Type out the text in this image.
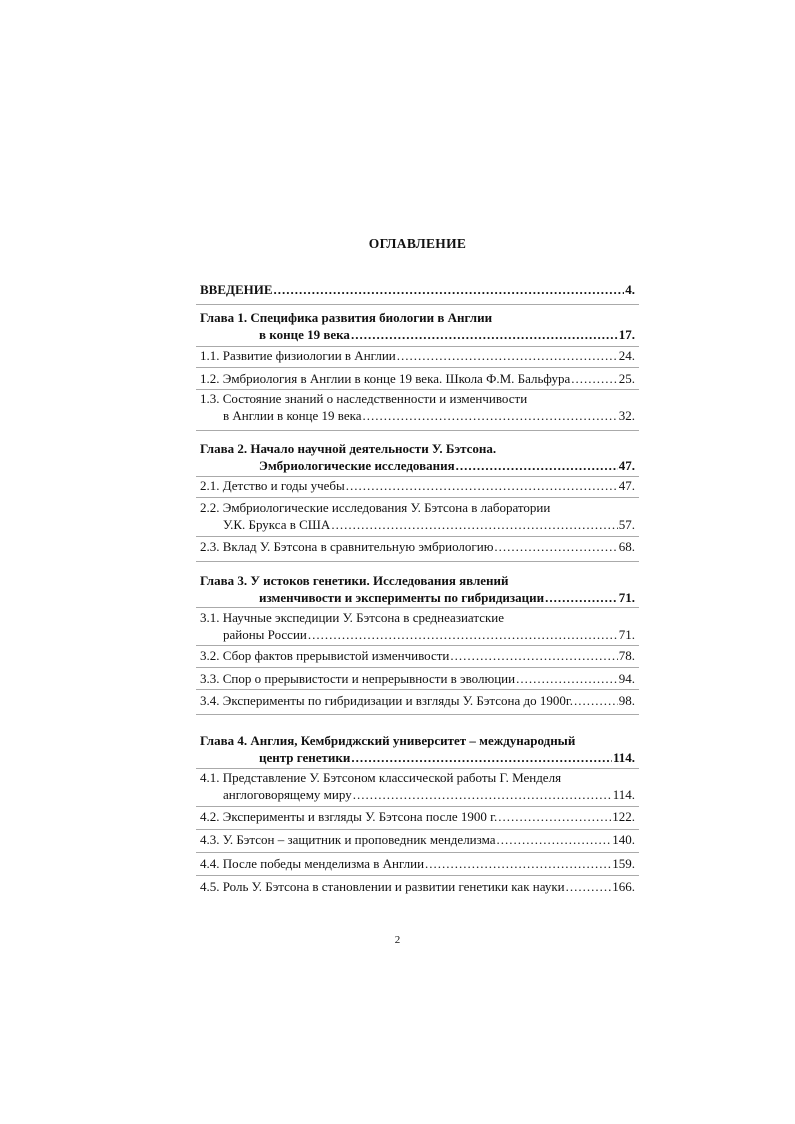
ОГЛАВЛЕНИЕ
ВВЕДЕНИЕ .....	4.
Глава 1. Специфика развития биологии в Англии
в конце 19 века .....	17.
1.1. Развитие физиологии в Англии .....	24.
1.2. Эмбриология в Англии в конце 19 века. Школа Ф.М. Бальфура .....	25.
1.3. Состояние знаний о наследственности и изменчивости
в Англии в конце 19 века .....	32.
Глава 2. Начало научной деятельности У. Бэтсона.
Эмбриологические исследования .....	47.
2.1. Детство и годы учебы .....	47.
2.2. Эмбриологические исследования У. Бэтсона в лаборатории
У.К. Брукса в США .....	57.
2.3. Вклад У. Бэтсона в сравнительную эмбриологию .....	68.
Глава 3. У истоков генетики. Исследования явлений
изменчивости и эксперименты по гибридизации .....	71.
3.1. Научные экспедиции У. Бэтсона в среднеазиатские
районы России .....	71.
3.2. Сбор фактов прерывистой изменчивости .....	78.
3.3. Спор о прерывистости и непрерывности в эволюции .....	94.
3.4. Эксперименты по гибридизации и взгляды У. Бэтсона до 1900г. .....	98.
Глава 4. Англия, Кембриджский университет – международный
центр генетики .....	114.
4.1. Представление У. Бэтсоном классической работы Г. Менделя
англоговорящему миру .....	114.
4.2. Эксперименты и взгляды У. Бэтсона после 1900 г. .....	122.
4.3. У. Бэтсон – защитник и проповедник менделизма .....	140.
4.4. После победы менделизма в Англии .....	159.
4.5. Роль У. Бэтсона в становлении и развитии генетики как науки .....	166.
2
